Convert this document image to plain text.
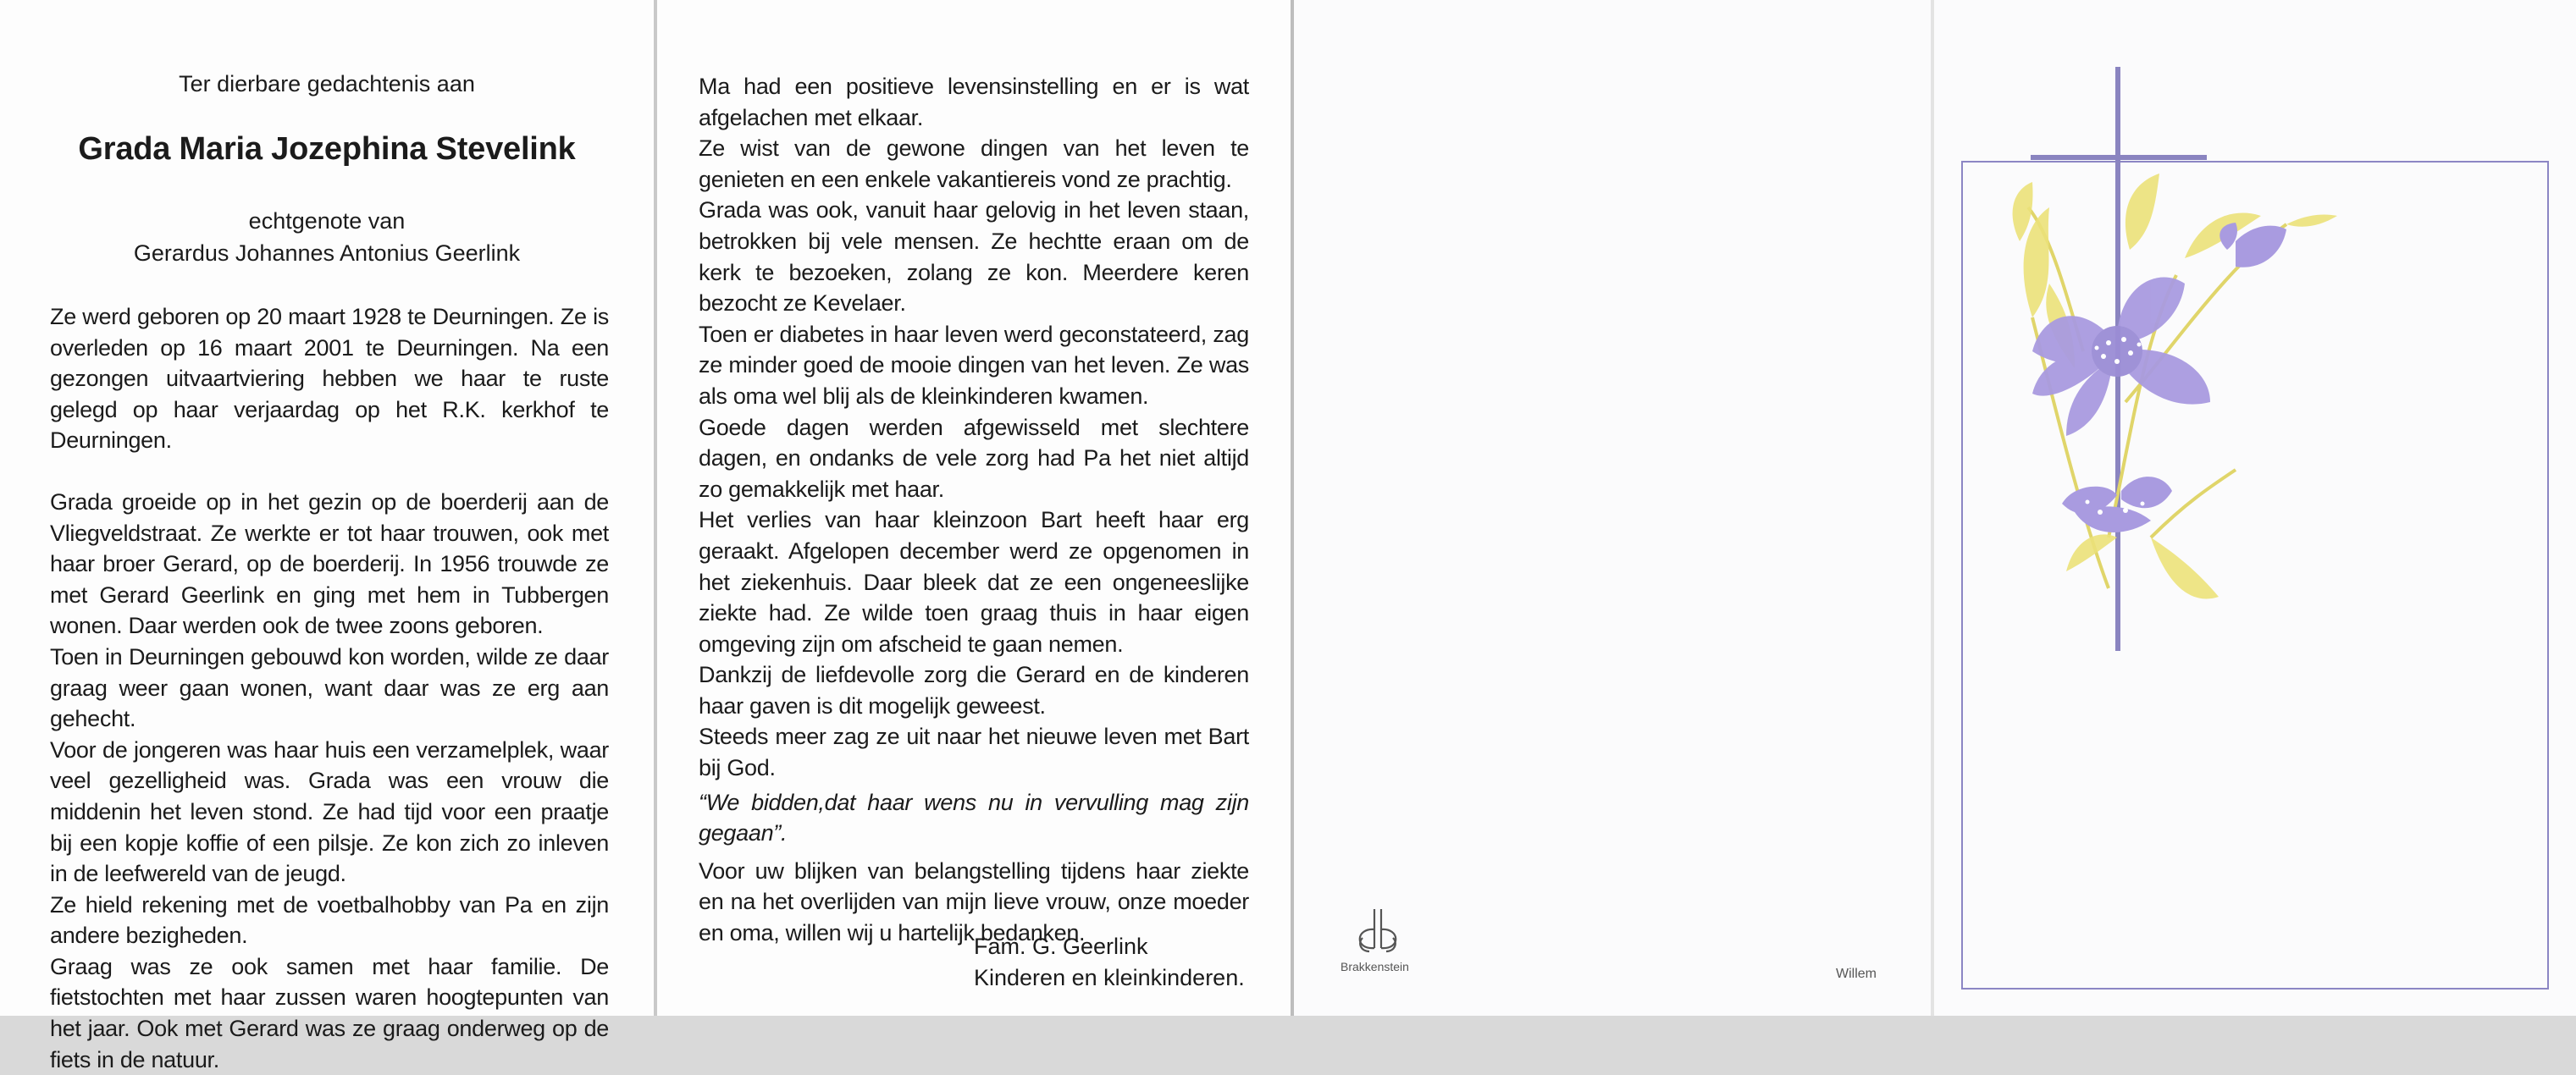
Ter dierbare gedachtenis aan
Grada Maria Jozephina Stevelink
echtgenote van
Gerardus Johannes Antonius Geerlink

Ze werd geboren op 20 maart 1928 te Deurningen. Ze is overleden op 16 maart 2001 te Deurningen. Na een gezongen uitvaartviering hebben we haar te ruste gelegd op haar verjaardag op het R.K. kerkhof te Deurningen.

Grada groeide op in het gezin op de boerderij aan de Vliegveldstraat. Ze werkte er tot haar trouwen, ook met haar broer Gerard, op de boerderij. In 1956 trouwde ze met Gerard Geerlink en ging met hem in Tubbergen wonen. Daar werden ook de twee zoons geboren.

Toen in Deurningen gebouwd kon worden, wilde ze daar graag weer gaan wonen, want daar was ze erg aan gehecht.

Voor de jongeren was haar huis een verzamelplek, waar veel gezelligheid was. Grada was een vrouw die middenin het leven stond. Ze had tijd voor een praatje bij een kopje koffie of een pilsje. Ze kon zich zo inleven in de leefwereld van de jeugd.

Ze hield rekening met de voetbalhobby van Pa en zijn andere bezigheden.

Graag was ze ook samen met haar familie. De fietstochten met haar zussen waren hoogtepunten van het jaar. Ook met Gerard was ze graag onderweg op de fiets in de natuur.

Ma had een positieve levensinstelling en er is wat afgelachen met elkaar.

Ze wist van de gewone dingen van het leven te genieten en een enkele vakantiereis vond ze prachtig.

Grada was ook, vanuit haar gelovig in het leven staan, betrokken bij vele mensen. Ze hechtte eraan om de kerk te bezoeken, zolang ze kon. Meerdere keren bezocht ze Kevelaer.

Toen er diabetes in haar leven werd geconstateerd, zag ze minder goed de mooie dingen van het leven. Ze was als oma wel blij als de kleinkinderen kwamen.

Goede dagen werden afgewisseld met slechtere dagen, en ondanks de vele zorg had Pa het niet altijd zo gemakkelijk met haar.

Het verlies van haar kleinzoon Bart heeft haar erg geraakt. Afgelopen december werd ze opgenomen in het ziekenhuis. Daar bleek dat ze een ongeneeslijke ziekte had. Ze wilde toen graag thuis in haar eigen omgeving zijn om afscheid te gaan nemen.

Dankzij de liefdevolle zorg die Gerard en de kinderen haar gaven is dit mogelijk geweest.

Steeds meer zag ze uit naar het nieuwe leven met Bart bij God.

“We bidden,dat haar wens nu in vervulling mag zijn gegaan”.

Voor uw blijken van belangstelling tijdens haar ziekte en na het overlijden van mijn lieve vrouw, onze moeder en oma, willen wij u hartelijk bedanken.

Fam. G. Geerlink
Kinderen en kleinkinderen.	Brakkenstein	Willem
